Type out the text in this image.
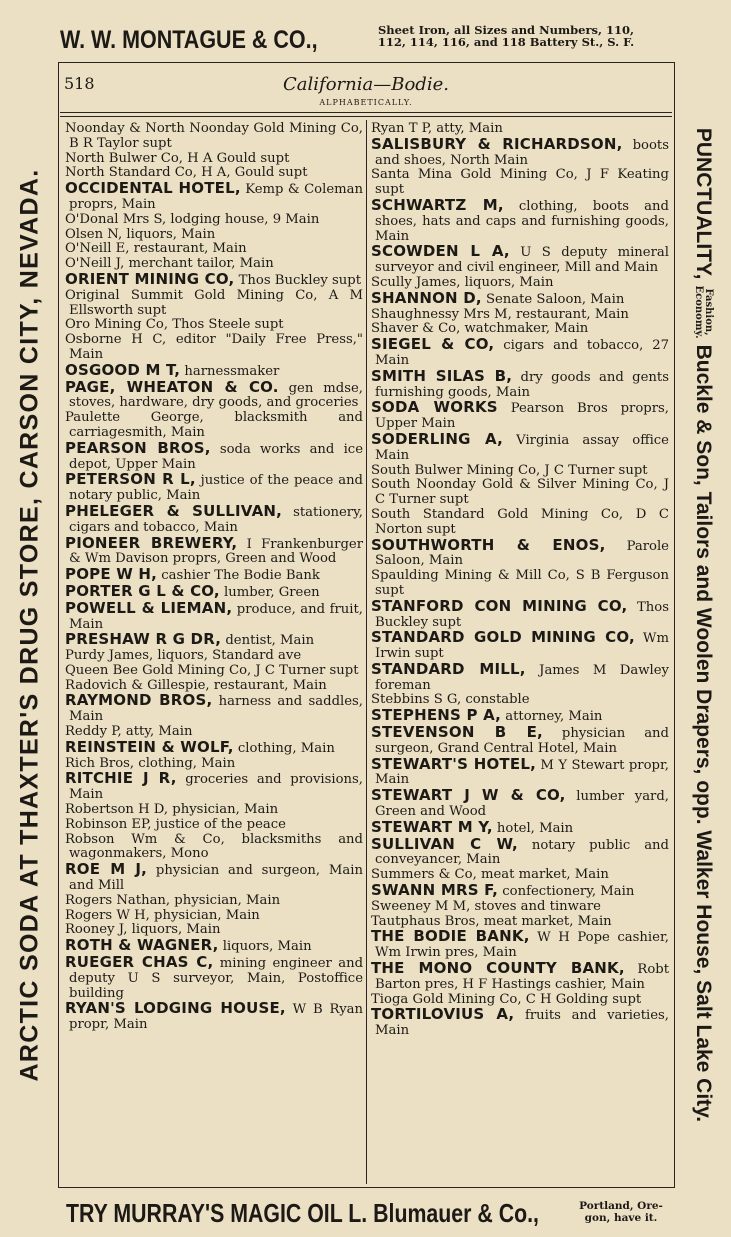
W. W. MONTAGUE & CO.,	Sheet Iron, all Sizes and Numbers, 110,
112, 114, 116, and 118 Battery St., S. F.
ARCTIC SODA AT THAXTER'S DRUG STORE, CARSON CITY, NEVADA.	PUNCTUALITY,Fashion,
Economy.Buckle & Son, Tailors and Woolen Drapers, opp. Walker House, Salt Lake City.
518	California—Bodie.
ALPHABETICALLY.

Noonday & North Noonday Gold Mining Co, B R Taylor supt

North Bulwer Co, H A Gould supt

North Standard Co, H A, Gould supt

OCCIDENTAL HOTEL, Kemp & Coleman proprs, Main

O'Donal Mrs S, lodging house, 9 Main

Olsen N, liquors, Main

O'Neill E, restaurant, Main

O'Neill J, merchant tailor, Main

ORIENT MINING CO, Thos Buckley supt

Original Summit Gold Mining Co, A M Ellsworth supt

Oro Mining Co, Thos Steele supt

Osborne H C, editor "Daily Free Press," Main

OSGOOD M T, harnessmaker

PAGE, WHEATON & CO. gen mdse, stoves, hardware, dry goods, and groceries

Paulette George, blacksmith and carriagesmith, Main

PEARSON BROS, soda works and ice depot, Upper Main

PETERSON R L, justice of the peace and notary public, Main

PHELEGER & SULLIVAN, stationery, cigars and tobacco, Main

PIONEER BREWERY, I Frankenburger & Wm Davison proprs, Green and Wood

POPE W H, cashier The Bodie Bank

PORTER G L & CO, lumber, Green

POWELL & LIEMAN, produce, and fruit, Main

PRESHAW R G DR, dentist, Main

Purdy James, liquors, Standard ave

Queen Bee Gold Mining Co, J C Turner supt

Radovich & Gillespie, restaurant, Main

RAYMOND BROS, harness and saddles, Main

Reddy P, atty, Main

REINSTEIN & WOLF, clothing, Main

Rich Bros, clothing, Main

RITCHIE J R, groceries and provisions, Main

Robertson H D, physician, Main

Robinson EP, justice of the peace

Robson Wm & Co, blacksmiths and wagonmakers, Mono

ROE M J, physician and surgeon, Main and Mill

Rogers Nathan, physician, Main

Rogers W H, physician, Main

Rooney J, liquors, Main

ROTH & WAGNER, liquors, Main

RUEGER CHAS C, mining engineer and deputy U S surveyor, Main, Postoffice building

RYAN'S LODGING HOUSE, W B Ryan propr, Main

Ryan T P, atty, Main

SALISBURY & RICHARDSON, boots and shoes, North Main

Santa Mina Gold Mining Co, J F Keating supt

SCHWARTZ M, clothing, boots and shoes, hats and caps and furnishing goods, Main

SCOWDEN L A, U S deputy mineral surveyor and civil engineer, Mill and Main

Scully James, liquors, Main

SHANNON D, Senate Saloon, Main

Shaughnessy Mrs M, restaurant, Main

Shaver & Co, watchmaker, Main

SIEGEL & CO, cigars and tobacco, 27 Main

SMITH SILAS B, dry goods and gents furnishing goods, Main

SODA WORKS Pearson Bros proprs, Upper Main

SODERLING A, Virginia assay office Main

South Bulwer Mining Co, J C Turner supt

South Noonday Gold & Silver Mining Co, J C Turner supt

South Standard Gold Mining Co, D C Norton supt

SOUTHWORTH & ENOS, Parole Saloon, Main

Spaulding Mining & Mill Co, S B Ferguson supt

STANFORD CON MINING CO, Thos Buckley supt

STANDARD GOLD MINING CO, Wm Irwin supt

STANDARD MILL, James M Dawley foreman

Stebbins S G, constable

STEPHENS P A, attorney, Main

STEVENSON B E, physician and surgeon, Grand Central Hotel, Main

STEWART'S HOTEL, M Y Stewart propr, Main

STEWART J W & CO, lumber yard, Green and Wood

STEWART M Y, hotel, Main

SULLIVAN C W, notary public and conveyancer, Main

Summers & Co, meat market, Main

SWANN MRS F, confectionery, Main

Sweeney M M, stoves and tinware

Tautphaus Bros, meat market, Main

THE BODIE BANK, W H Pope cashier, Wm Irwin pres, Main

THE MONO COUNTY BANK, Robt Barton pres, H F Hastings cashier, Main

Tioga Gold Mining Co, C H Golding supt

TORTILOVIUS A, fruits and varieties, Main

TRY MURRAY'S MAGIC OIL L. Blumauer & Co.,	Portland, Ore-
gon, have it.
